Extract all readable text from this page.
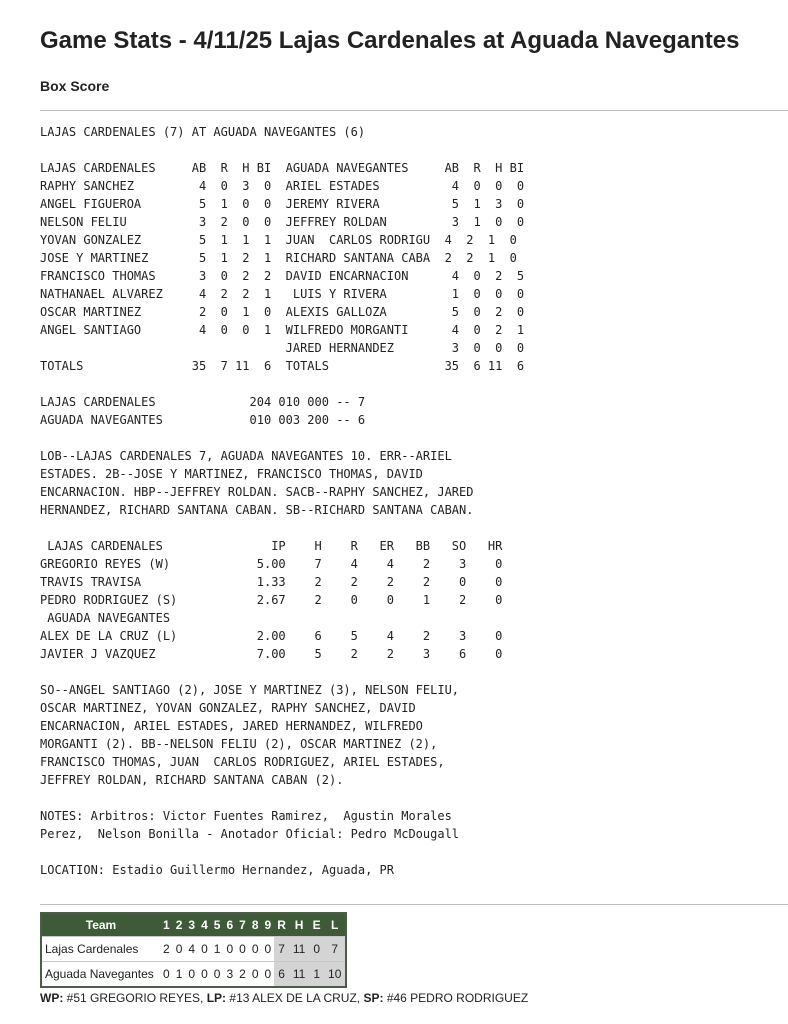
Game Stats - 4/11/25 Lajas Cardenales at Aguada Navegantes
Box Score
LAJAS CARDENALES (7) AT AGUADA NAVEGANTES (6)

LAJAS CARDENALES     AB  R  H BI  AGUADA NAVEGANTES     AB  R  H BI
RAPHY SANCHEZ         4  0  3  0  ARIEL ESTADES          4  0  0  0
ANGEL FIGUEROA        5  1  0  0  JEREMY RIVERA          5  1  3  0
NELSON FELIU          3  2  0  0  JEFFREY ROLDAN         3  1  0  0
YOVAN GONZALEZ        5  1  1  1  JUAN  CARLOS RODRIGU  4  2  1  0
JOSE Y MARTINEZ       5  1  2  1  RICHARD SANTANA CABA  2  2  1  0
FRANCISCO THOMAS      3  0  2  2  DAVID ENCARNACION      4  0  2  5
NATHANAEL ALVAREZ     4  2  2  1   LUIS Y RIVERA         1  0  0  0
OSCAR MARTINEZ        2  0  1  0  ALEXIS GALLOZA         5  0  2  0
ANGEL SANTIAGO        4  0  0  1  WILFREDO MORGANTI      4  0  2  1
JARED HERNANDEZ        3  0  0  0
TOTALS               35  7 11  6  TOTALS                35  6 11  6

LAJAS CARDENALES             204 010 000 -- 7
AGUADA NAVEGANTES            010 003 200 -- 6

LOB--LAJAS CARDENALES 7, AGUADA NAVEGANTES 10. ERR--ARIEL
ESTADES. 2B--JOSE Y MARTINEZ, FRANCISCO THOMAS, DAVID
ENCARNACION. HBP--JEFFREY ROLDAN. SACB--RAPHY SANCHEZ, JARED
HERNANDEZ, RICHARD SANTANA CABAN. SB--RICHARD SANTANA CABAN.

LAJAS CARDENALES               IP    H    R   ER   BB   SO   HR
GREGORIO REYES (W)            5.00    7    4    4    2    3    0
TRAVIS TRAVISA                1.33    2    2    2    2    0    0
PEDRO RODRIGUEZ (S)           2.67    2    0    0    1    2    0
AGUADA NAVEGANTES
ALEX DE LA CRUZ (L)           2.00    6    5    4    2    3    0
JAVIER J VAZQUEZ              7.00    5    2    2    3    6    0

SO--ANGEL SANTIAGO (2), JOSE Y MARTINEZ (3), NELSON FELIU,
OSCAR MARTINEZ, YOVAN GONZALEZ, RAPHY SANCHEZ, DAVID
ENCARNACION, ARIEL ESTADES, JARED HERNANDEZ, WILFREDO
MORGANTI (2). BB--NELSON FELIU (2), OSCAR MARTINEZ (2),
FRANCISCO THOMAS, JUAN  CARLOS RODRIGUEZ, ARIEL ESTADES,
JEFFREY ROLDAN, RICHARD SANTANA CABAN (2).

NOTES: Arbitros: Victor Fuentes Ramirez,  Agustin Morales
Perez,  Nelson Bonilla - Anotador Oficial: Pedro McDougall

LOCATION: Estadio Guillermo Hernandez, Aguada, PR
Team	1	2	3	4	5	6	7	8	9	R	H	E	L
Lajas Cardenales	2	0	4	0	1	0	0	0	0	7	11	0	7
Aguada Navegantes	0	1	0	0	0	3	2	0	0	6	11	1	10

WP: #51 GREGORIO REYES, LP: #13 ALEX DE LA CRUZ, SP: #46 PEDRO RODRIGUEZ
